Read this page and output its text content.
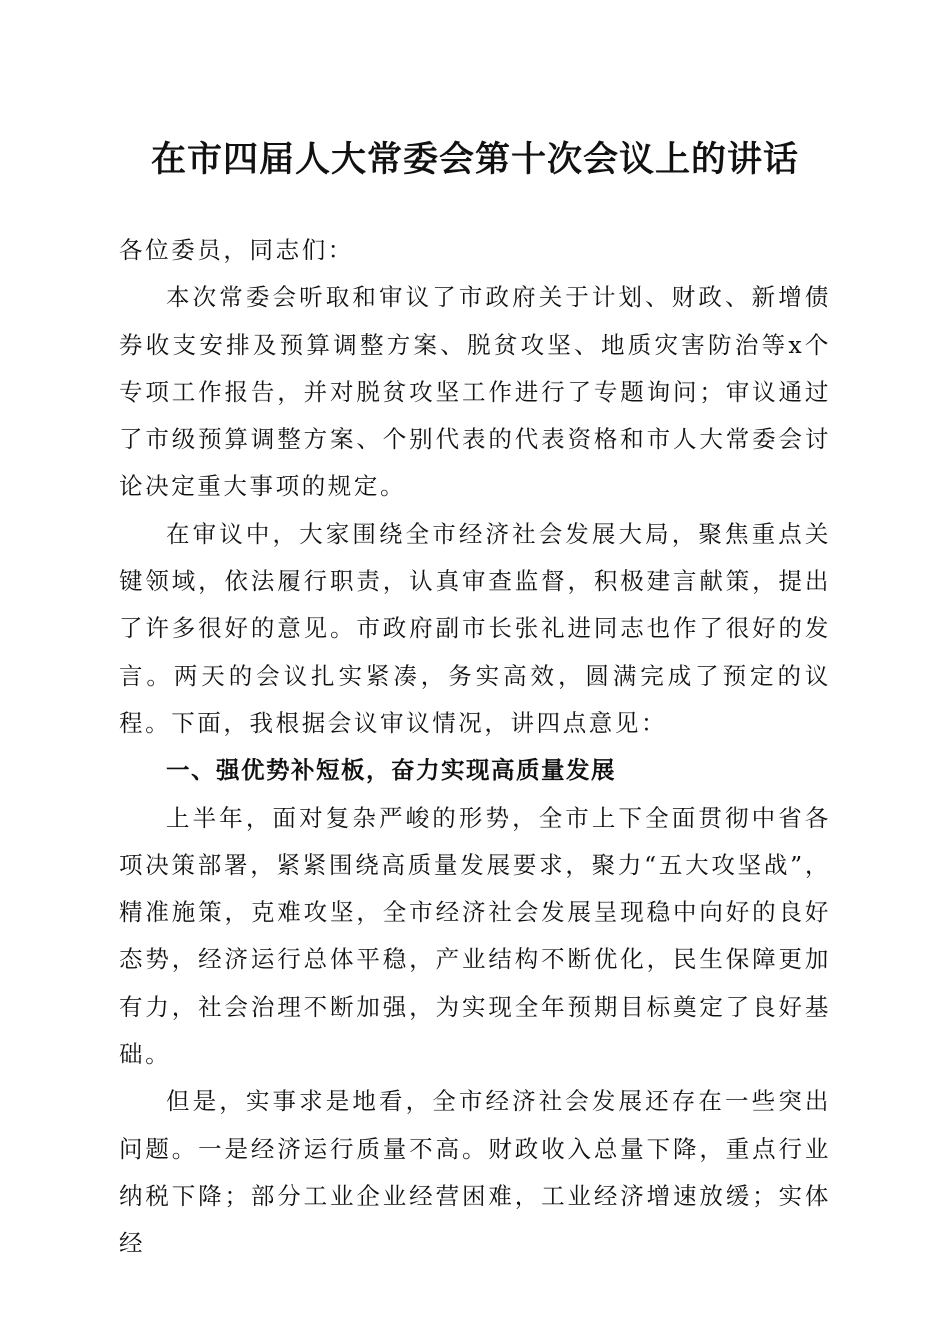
在市四届人大常委会第十次会议上的讲话

各位委员，同志们：

本次常委会听取和审议了市政府关于计划、财政、新增债券收支安排及预算调整方案、脱贫攻坚、地质灾害防治等x个专项工作报告，并对脱贫攻坚工作进行了专题询问；审议通过了市级预算调整方案、个别代表的代表资格和市人大常委会讨论决定重大事项的规定。

在审议中，大家围绕全市经济社会发展大局，聚焦重点关键领域，依法履行职责，认真审查监督，积极建言献策，提出了许多很好的意见。市政府副市长张礼进同志也作了很好的发言。两天的会议扎实紧凑，务实高效，圆满完成了预定的议程。下面，我根据会议审议情况，讲四点意见：

一、强优势补短板，奋力实现高质量发展

上半年，面对复杂严峻的形势，全市上下全面贯彻中省各项决策部署，紧紧围绕高质量发展要求，聚力“五大攻坚战”，精准施策，克难攻坚，全市经济社会发展呈现稳中向好的良好态势，经济运行总体平稳，产业结构不断优化，民生保障更加有力，社会治理不断加强，为实现全年预期目标奠定了良好基础。

但是，实事求是地看，全市经济社会发展还存在一些突出问题。一是经济运行质量不高。财政收入总量下降，重点行业纳税下降；部分工业企业经营困难，工业经济增速放缓；实体经
